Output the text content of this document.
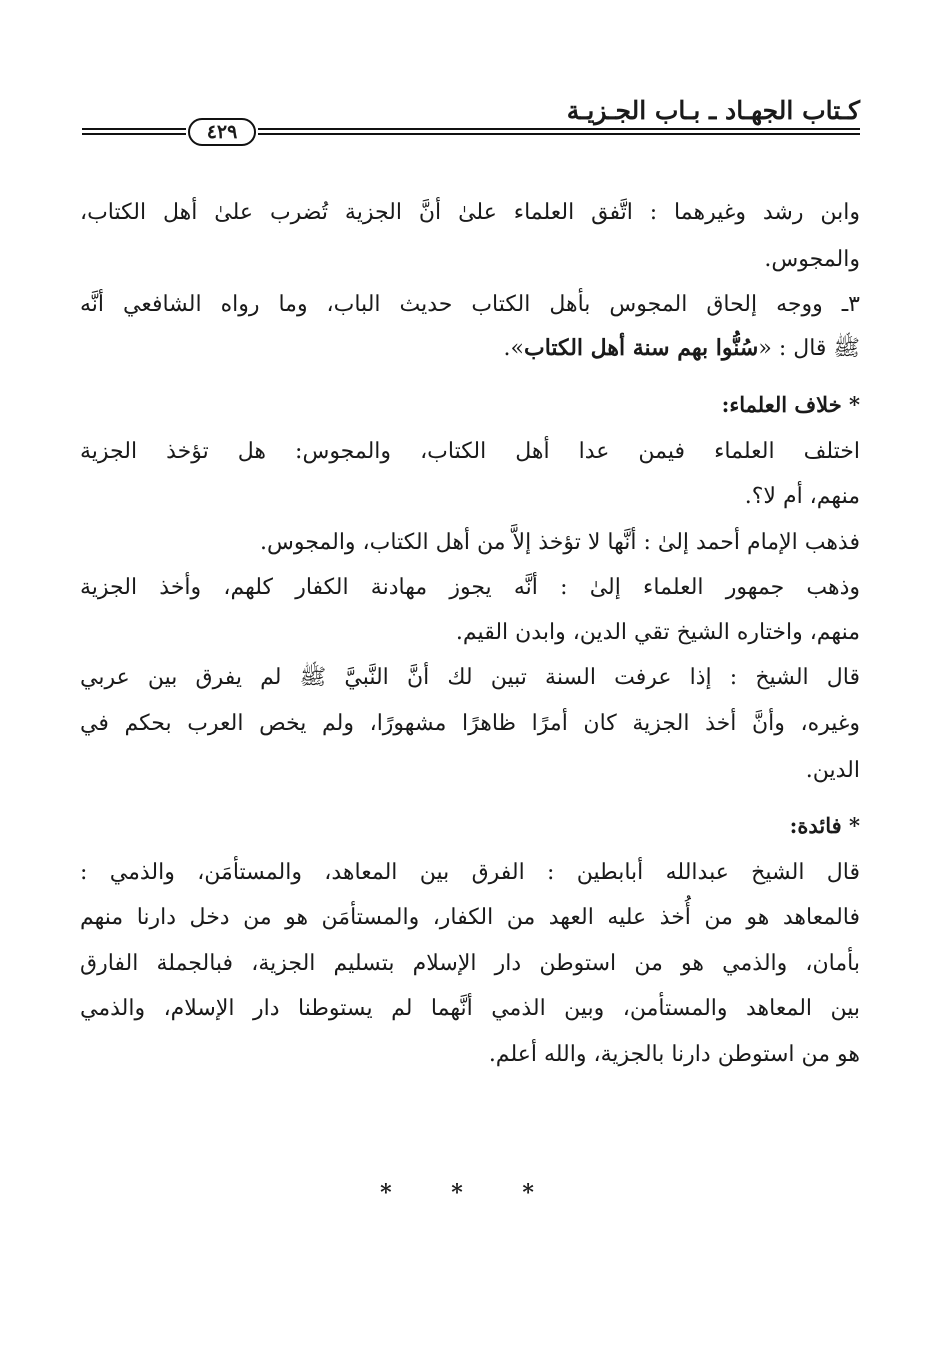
كـتاب الجهـاد ـ بـاب الجـزيـة
٤٢٩
وابن رشد وغيرهما : اتَّفق العلماء علىٰ أنَّ الجزية تُضرب علىٰ أهل الكتاب،
والمجوس.
٣ـ ووجه إلحاق المجوس بأهل الكتاب حديث الباب، وما رواه الشافعي أنَّه
ﷺ قال : «سُنُّوا بهم سنة أهل الكتاب».
* خلاف العلماء:
اختلف العلماء فيمن عدا أهل الكتاب، والمجوس: هل تؤخذ الجزية
منهم، أم لا؟.
فذهب الإمام أحمد إلىٰ : أنَّها لا تؤخذ إلاَّ من أهل الكتاب، والمجوس.
وذهب جمهور العلماء إلىٰ : أنَّه يجوز مهادنة الكفار كلهم، وأخذ الجزية
منهم، واختاره الشيخ تقي الدين، وابدن القيم.
قال الشيخ : إذا عرفت السنة تبين لك أنَّ النَّبيَّ ﷺ لم يفرق بين عربي
وغيره، وأنَّ أخذ الجزية كان أمرًا ظاهرًا مشهورًا، ولم يخص العرب بحكم في
الدين.
* فائدة:
قال الشيخ عبدالله أبابطين : الفرق بين المعاهد، والمستأمَن، والذمي :
فالمعاهد هو من أُخذ عليه العهد من الكفار، والمستأمَن هو من دخل دارنا منهم
بأمان، والذمي هو من استوطن دار الإسلام بتسليم الجزية، فبالجملة الفارق
بين المعاهد والمستأمن، وبين الذمي أنَّهما لم يستوطنا دار الإسلام، والذمي
هو من استوطن دارنا بالجزية، والله أعلم.
* * *
